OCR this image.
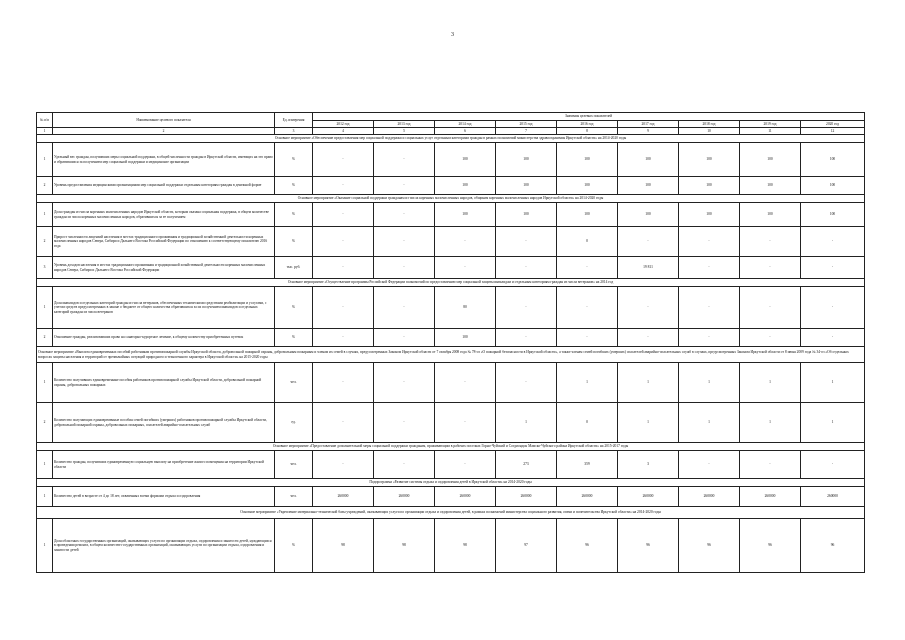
3
№ п/п	Наименование целевого показателя	Ед. измерения	Значения целевых показателей								
			2012 год	2013 год	2014 год	2015 год	2016 год	2017 год	2018 год	2019 год	2020 год
1	2	3	4	5	6	7	8	9	10	11	12
Основное мероприятие «Обеспечение предоставления мер социальной поддержки и социальных услуг отдельным категориям граждан в рамках полномочий министерства здравоохранения Иркутской области» на 2014-2020 годы											
1	Удельный вес граждан, получивших меры социальной поддержки, в общей численности граждан в Иркутской области, имеющих на это право и обратившихся за получением мер социальной поддержки и медицинские организации	%	-	-	100	100	100	100	100	100	100
2	Уровень предоставления медицинскими организациями мер социальной поддержки отдельным категориям граждан в денежной форме	%	-	-	100	100	100	100	100	100	100
Основное мероприятие «Оказание социальной поддержки гражданам из числа коренных малочисленных народов, общинам коренных малочисленных народов Иркутской области» на 2014-2020 годы											
1	Доля граждан из числа коренных малочисленных народов Иркутской области, которым оказана социальная поддержка, в общем количестве граждан из числа коренных малочисленных народов, обратившихся за ее получением	%	-	-	100	100	100	100	100	100	100
2	Прирост численности лицензий населения в местах традиционного проживания и традиционной хозяйственной деятельности коренных малочисленных народов Севера, Сибири и Дальнего Востока Российской Федерации по отношению к соответствующему показателю 2016 года	%	-	-	-	-	0	-	-	-	-
3	Уровень доходов населения в местах традиционного проживания и традиционной хозяйственной деятельности коренных малочисленных народов Севера, Сибири и Дальнего Востока Российской Федерации	тыс. руб.	-	-	-	-	-	19 811	-	-	-
Основное мероприятие «Осуществление программы Российской Федерации полномочий по предоставлению мер социальной защиты инвалидам и отдельным категориям граждан из числа ветеранов» на 2014 год											
1	Доля инвалидов и отдельных категорий граждан из числа ветеранов, обеспеченных техническими средствами реабилитации и услугами, с учетом средств предусмотренных в законе о бюджете от общего количества обратившихся за их получением инвалидов и отдельных категорий граждан из числа ветеранов	%	-	-	80	-	-	-	-	-	-
2	Отношение граждан, реализовавших право на санаторно-курортное лечение, к общему количеству приобретенных путевок	%	-	-	100	-	-	-	-	-	-
Основное мероприятие «Выплата единовременных пособий работникам противопожарной службы Иркутской области, добровольной пожарной охраны, добровольным пожарным и членам их семей в случаях, предусмотренных Законом Иркутской области от 7 октября 2008 года № 78-оз «О пожарной безопасности в Иркутской области», а также членам семей погибших (умерших) спасателей аварийно-спасательных служб в случаях, предусмотренных Законом Иркутской области от 8 июня 2009 года № 34-оз «Об отдельных вопросах защиты населения и территорий от чрезвычайных ситуаций природного и техногенного характера в Иркутской области» на 2015-2020 годы											
1	Количество получивших единовременные пособия работников противопожарной службы Иркутской области, добровольной пожарной охраны, добровольных пожарных	чел.	-	-	-	-	1	1	1	1	1
2	Количество получающих единовременные пособия семей погибших (умерших) работников противопожарной службы Иркутской области, добровольной пожарной охраны, добровольных пожарных, спасателей аварийно-спасательных служб	ед.	-	-	-	1	0	1	1	1	1
Основное мероприятие «Предоставление дополнительной меры социальной поддержки гражданам, проживающим в рабочих поселках Горно-Чуйский и Согдиондон Мамско-Чуйского района Иркутской области» на 2015-2017 годы											
1	Количество граждан, получивших единовременную социальную выплату на приобретение жилого помещения на территории Иркутской области	чел.	-	-	-	273	359	3	-	-	-
Подпрограмма «Развитие системы отдыха и оздоровления детей в Иркутской области» на 2014-2020 годы											
1	Количество детей в возрасте от 4 до 18 лет, охваченных всеми формами отдыха и оздоровления	чел.	260000	260000	260000	260000	260000	260000	260000	260000	260000
Основное мероприятие «Укрепление материально-технической базы учреждений, оказывающих услуги по организации отдыха и оздоровления детей, в рамках полномочий министерства социального развития, опеки и попечительства Иркутской области» на 2014-2020 годы											
1	Доля областных государственных организаций, оказывающих услуги по организации отдыха, оздоровления и занятости детей, нуждающихся в проведении ремонта, в общем количестве государственных организаций, оказывающих услуги по организации отдыха, оздоровления и занятости детей	%	98	98	98	97	96	96	96	96	96
